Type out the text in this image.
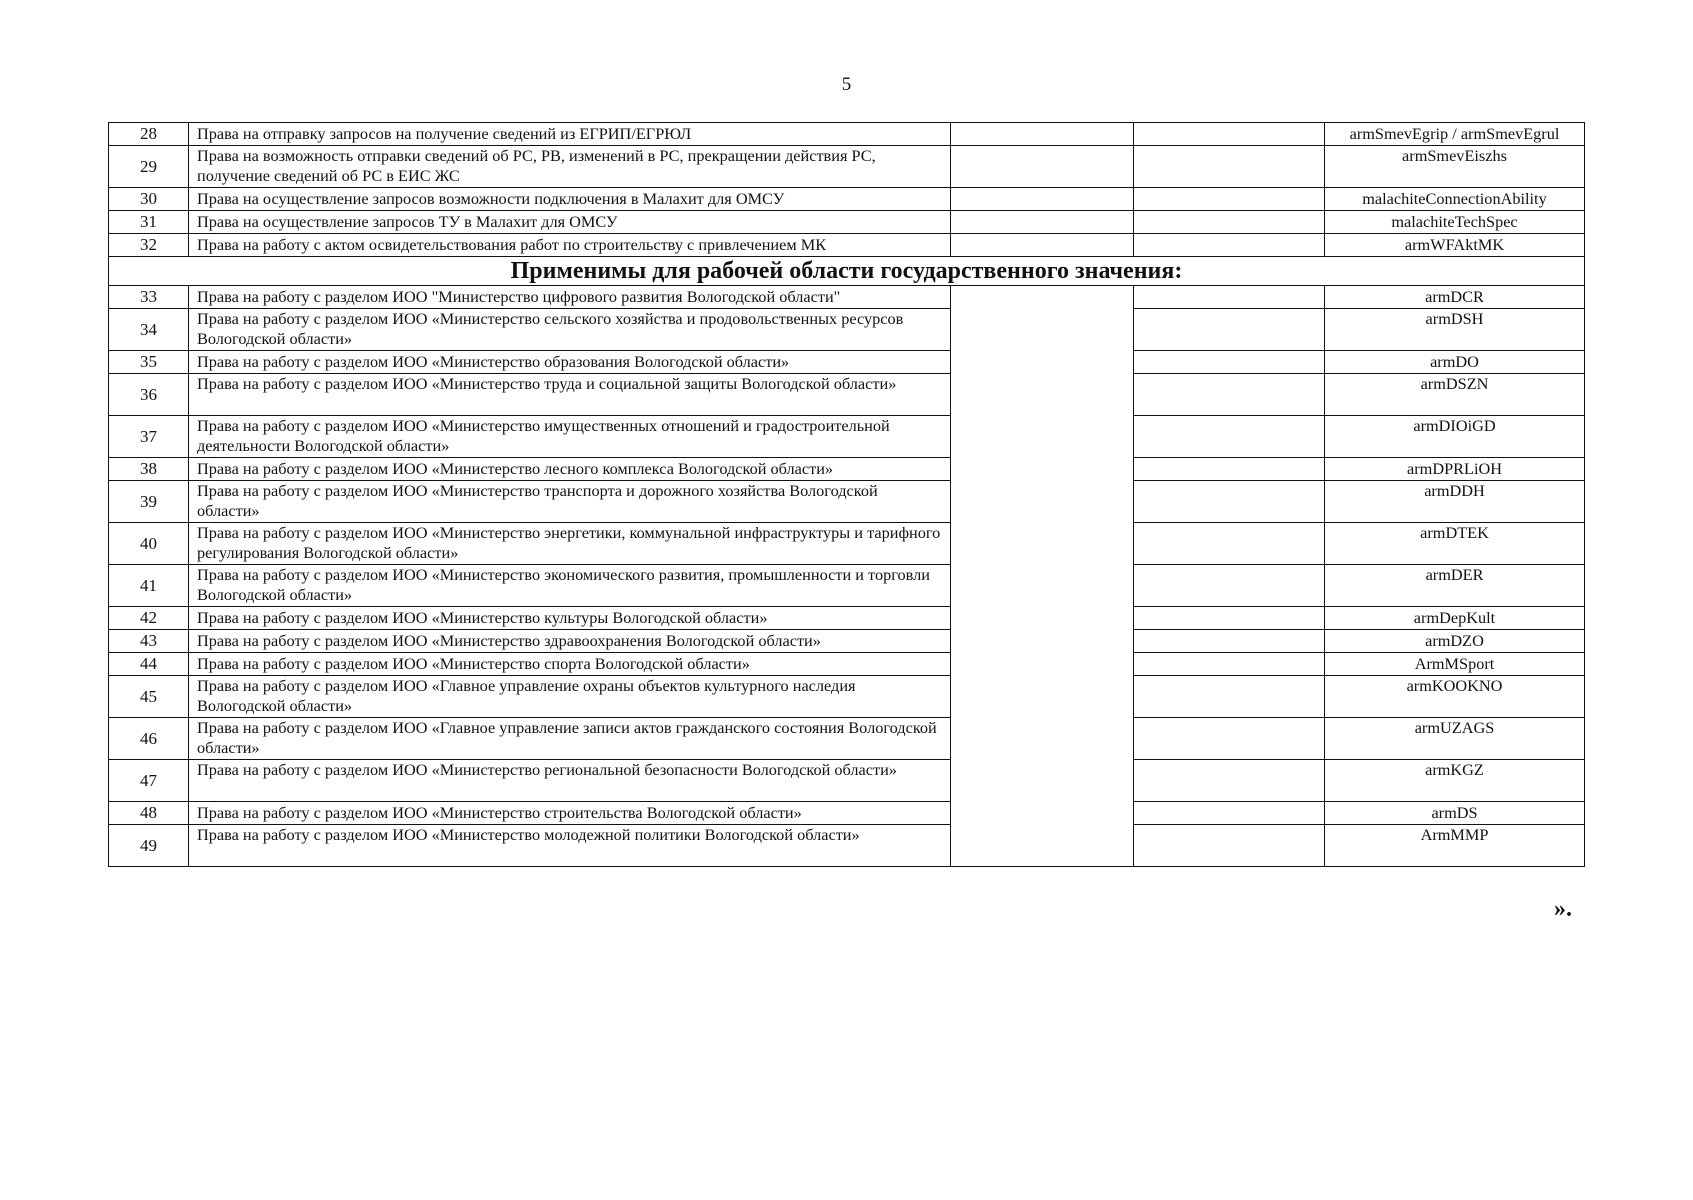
5
28	Права на отправку запросов на получение сведений из ЕГРИП/ЕГРЮЛ			armSmevEgrip / armSmevEgrul
29	Права на возможность отправки сведений об РС, РВ, изменений в РС, прекращении действия РС, получение сведений об РС в ЕИС ЖС			armSmevEiszhs
30	Права на осуществление запросов возможности подключения в Малахит для ОМСУ			malachiteConnectionAbility
31	Права на осуществление запросов ТУ в Малахит для ОМСУ			malachiteTechSpec
32	Права на работу с актом освидетельствования работ по строительству с привлечением МК			armWFAktMK
Применимы для рабочей области государственного значения:				
33	Права на работу с разделом ИОО "Министерство цифрового развития Вологодской области"			armDCR
34	Права на работу с разделом ИОО «Министерство сельского хозяйства и продовольственных ресурсов Вологодской области»			armDSH
35	Права на работу с разделом ИОО «Министерство образования Вологодской области»			armDO
36	Права на работу с разделом ИОО «Министерство труда и социальной защиты Вологодской области»			armDSZN
37	Права на работу с разделом ИОО «Министерство имущественных отношений и градостроительной деятельности Вологодской области»			armDIOiGD
38	Права на работу с разделом ИОО «Министерство лесного комплекса Вологодской области»			armDPRLiOH
39	Права на работу с разделом ИОО «Министерство транспорта и дорожного хозяйства Вологодской области»			armDDH
40	Права на работу с разделом ИОО «Министерство энергетики, коммунальной инфраструктуры и тарифного регулирования Вологодской области»			armDTEK
41	Права на работу с разделом ИОО «Министерство экономического развития, промышленности и торговли Вологодской области»			armDER
42	Права на работу с разделом ИОО «Министерство культуры Вологодской области»			armDepKult
43	Права на работу с разделом ИОО «Министерство здравоохранения Вологодской области»			armDZO
44	Права на работу с разделом ИОО «Министерство спорта Вологодской области»			ArmMSport
45	Права на работу с разделом ИОО «Главное управление охраны объектов культурного наследия Вологодской области»			armKOOKNO
46	Права на работу с разделом ИОО «Главное управление записи актов гражданского состояния Вологодской области»			armUZAGS
47	Права на работу с разделом ИОО «Министерство региональной безопасности Вологодской области»			armKGZ
48	Права на работу с разделом ИОО «Министерство строительства Вологодской области»			armDS
49	Права на работу с разделом ИОО «Министерство молодежной политики Вологодской области»			ArmMMP
».
